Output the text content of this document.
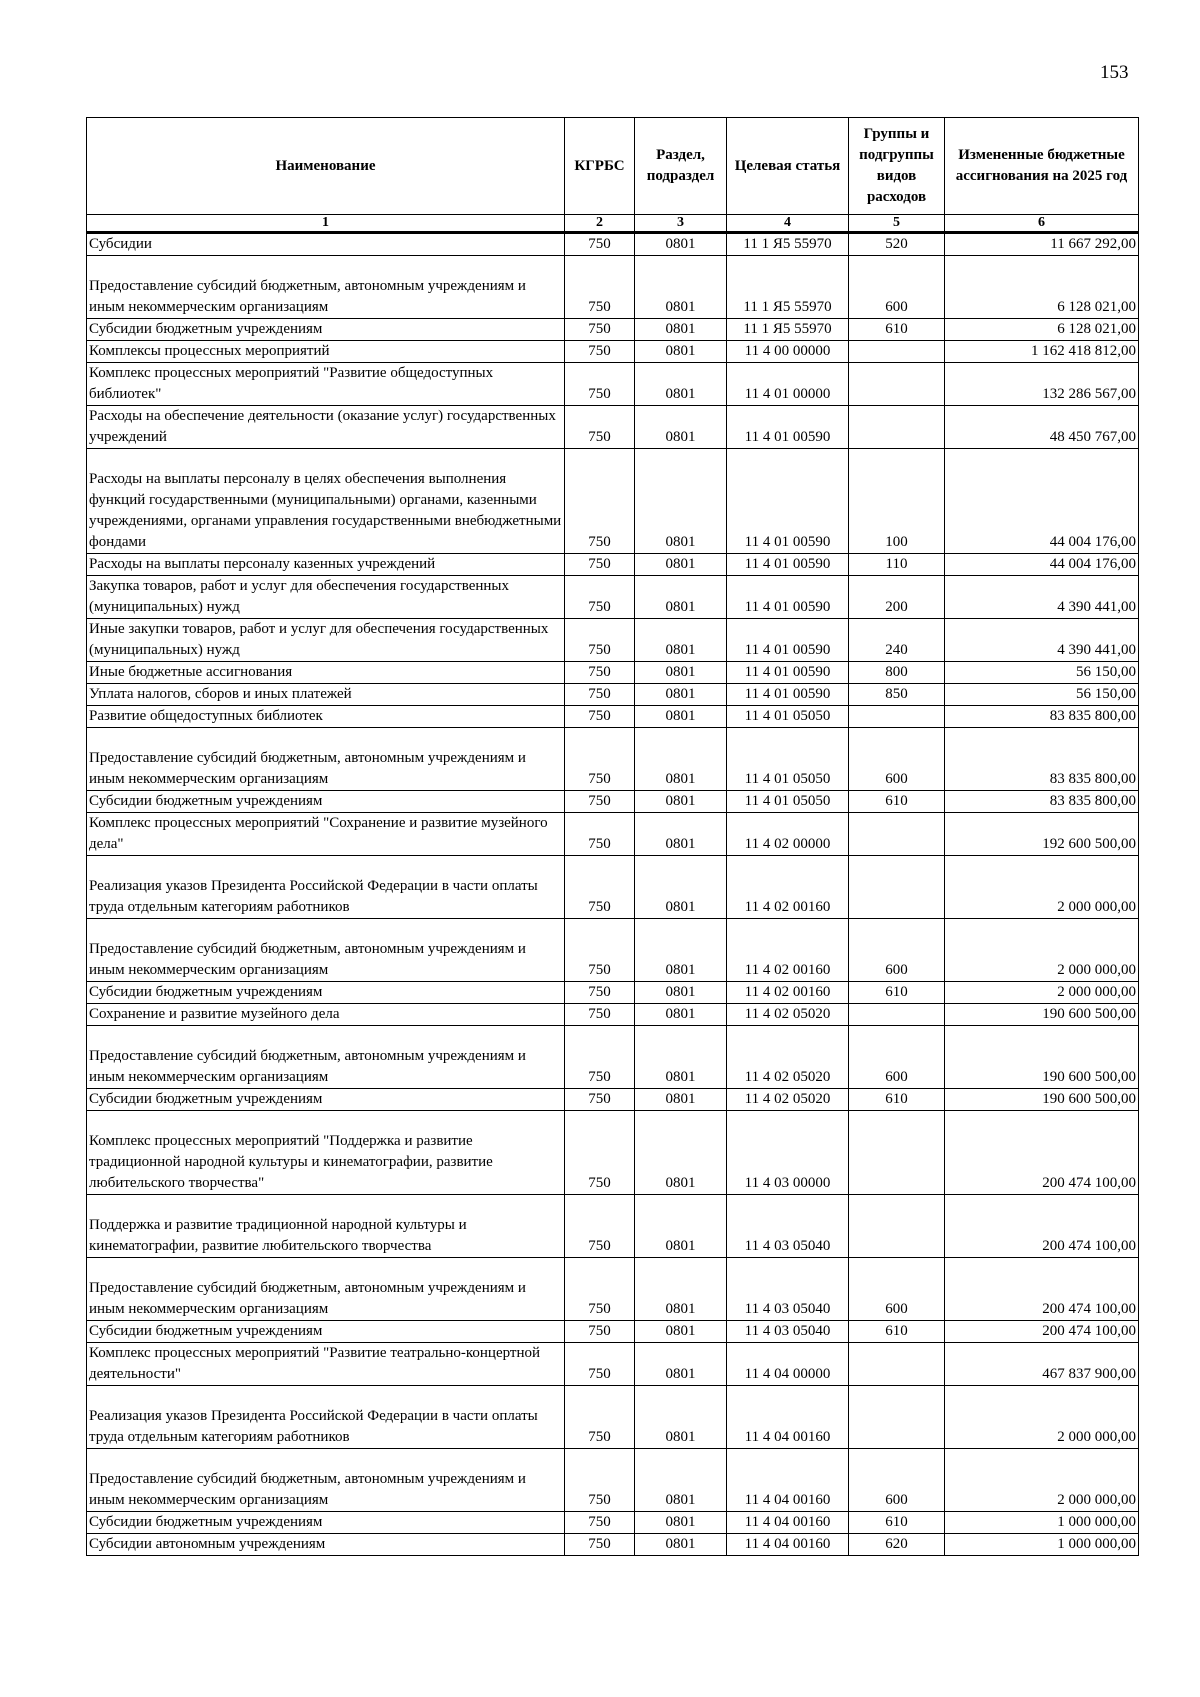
153
Наименование	КГРБС	Раздел, подраздел	Целевая статья	Группы и подгруппы видов расходов	Измененные бюджетные ассигнования на 2025 год
1	2	3	4	5	6
Субсидии	750	0801	11 1 Я5 55970	520	11 667 292,00
Предоставление субсидий бюджетным, автономным учреждениям и иным некоммерческим организациям	750	0801	11 1 Я5 55970	600	6 128 021,00
Субсидии бюджетным учреждениям	750	0801	11 1 Я5 55970	610	6 128 021,00
Комплексы процессных мероприятий	750	0801	11 4 00 00000		1 162 418 812,00
Комплекс процессных мероприятий "Развитие общедоступных библиотек"	750	0801	11 4 01 00000		132 286 567,00
Расходы на обеспечение деятельности (оказание услуг) государственных учреждений	750	0801	11 4 01 00590		48 450 767,00
Расходы на выплаты персоналу в целях обеспечения выполнения функций государственными (муниципальными) органами, казенными учреждениями, органами управления государственными внебюджетными фондами	750	0801	11 4 01 00590	100	44 004 176,00
Расходы на выплаты персоналу казенных учреждений	750	0801	11 4 01 00590	110	44 004 176,00
Закупка товаров, работ и услуг для обеспечения государственных (муниципальных) нужд	750	0801	11 4 01 00590	200	4 390 441,00
Иные закупки товаров, работ и услуг для обеспечения государственных (муниципальных) нужд	750	0801	11 4 01 00590	240	4 390 441,00
Иные бюджетные ассигнования	750	0801	11 4 01 00590	800	56 150,00
Уплата налогов, сборов и иных платежей	750	0801	11 4 01 00590	850	56 150,00
Развитие общедоступных библиотек	750	0801	11 4 01 05050		83 835 800,00
Предоставление субсидий бюджетным, автономным учреждениям и иным некоммерческим организациям	750	0801	11 4 01 05050	600	83 835 800,00
Субсидии бюджетным учреждениям	750	0801	11 4 01 05050	610	83 835 800,00
Комплекс процессных мероприятий "Сохранение и развитие музейного дела"	750	0801	11 4 02 00000		192 600 500,00
Реализация указов Президента Российской Федерации в части оплаты труда отдельным категориям работников	750	0801	11 4 02 00160		2 000 000,00
Предоставление субсидий бюджетным, автономным учреждениям и иным некоммерческим организациям	750	0801	11 4 02 00160	600	2 000 000,00
Субсидии бюджетным учреждениям	750	0801	11 4 02 00160	610	2 000 000,00
Сохранение и развитие музейного дела	750	0801	11 4 02 05020		190 600 500,00
Предоставление субсидий бюджетным, автономным учреждениям и иным некоммерческим организациям	750	0801	11 4 02 05020	600	190 600 500,00
Субсидии бюджетным учреждениям	750	0801	11 4 02 05020	610	190 600 500,00
Комплекс процессных мероприятий "Поддержка и развитие традиционной народной культуры и кинематографии, развитие любительского творчества"	750	0801	11 4 03 00000		200 474 100,00
Поддержка и развитие традиционной народной культуры и кинематографии, развитие любительского творчества	750	0801	11 4 03 05040		200 474 100,00
Предоставление субсидий бюджетным, автономным учреждениям и иным некоммерческим организациям	750	0801	11 4 03 05040	600	200 474 100,00
Субсидии бюджетным учреждениям	750	0801	11 4 03 05040	610	200 474 100,00
Комплекс процессных мероприятий "Развитие театрально-концертной деятельности"	750	0801	11 4 04 00000		467 837 900,00
Реализация указов Президента Российской Федерации в части оплаты труда отдельным категориям работников	750	0801	11 4 04 00160		2 000 000,00
Предоставление субсидий бюджетным, автономным учреждениям и иным некоммерческим организациям	750	0801	11 4 04 00160	600	2 000 000,00
Субсидии бюджетным учреждениям	750	0801	11 4 04 00160	610	1 000 000,00
Субсидии автономным учреждениям	750	0801	11 4 04 00160	620	1 000 000,00
